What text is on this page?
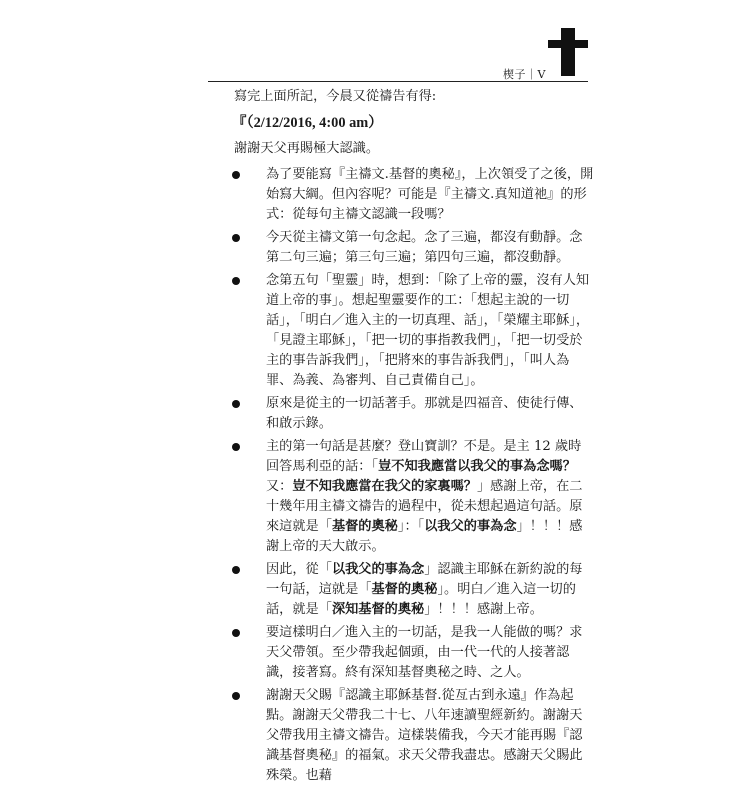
楔子｜V

寫完上面所記，今晨又從禱告有得:

『（2/12/2016, 4:00 am）

謝謝天父再賜極大認識。

為了要能寫『主禱文.基督的奧秘』，上次領受了之後，開始寫大綱。但內容呢？可能是『主禱文.真知道祂』的形式：從每句主禱文認識一段嗎？
今天從主禱文第一句念起。念了三遍，都沒有動靜。念第二句三遍；第三句三遍；第四句三遍，都沒動靜。
念第五句「聖靈」時，想到：「除了上帝的靈，沒有人知道上帝的事」。想起聖靈要作的工：「想起主說的一切話」，「明白／進入主的一切真理、話」，「榮耀主耶穌」，「見證主耶穌」，「把一切的事指教我們」，「把一切受於主的事告訴我們」，「把將來的事告訴我們」，「叫人為罪、為義、為審判、自己責備自己」。
原來是從主的一切話著手。那就是四福音、使徒行傳、和啟示錄。
主的第一句話是甚麼？登山寶訓？不是。是主 12 歲時回答馬利亞的話：「豈不知我應當以我父的事為念嗎？又：豈不知我應當在我父的家裏嗎？」感謝上帝，在二十幾年用主禱文禱告的過程中，從未想起過這句話。原來這就是「基督的奧秘」：「以我父的事為念」！！！感謝上帝的天大啟示。
因此，從「以我父的事為念」認識主耶穌在新約說的每一句話，這就是「基督的奧秘」。明白／進入這一切的話，就是「深知基督的奧秘」！！！感謝上帝。
要這樣明白／進入主的一切話，是我一人能做的嗎？求天父帶領。至少帶我起個頭，由一代一代的人接著認識，接著寫。終有深知基督奧秘之時、之人。
謝謝天父賜『認識主耶穌基督.從亙古到永遠』作為起點。謝謝天父帶我二十七、八年速讀聖經新約。謝謝天父帶我用主禱文禱告。這樣裝備我，今天才能再賜『認識基督奧秘』的福氣。求天父帶我盡忠。感謝天父賜此殊榮。也藉
